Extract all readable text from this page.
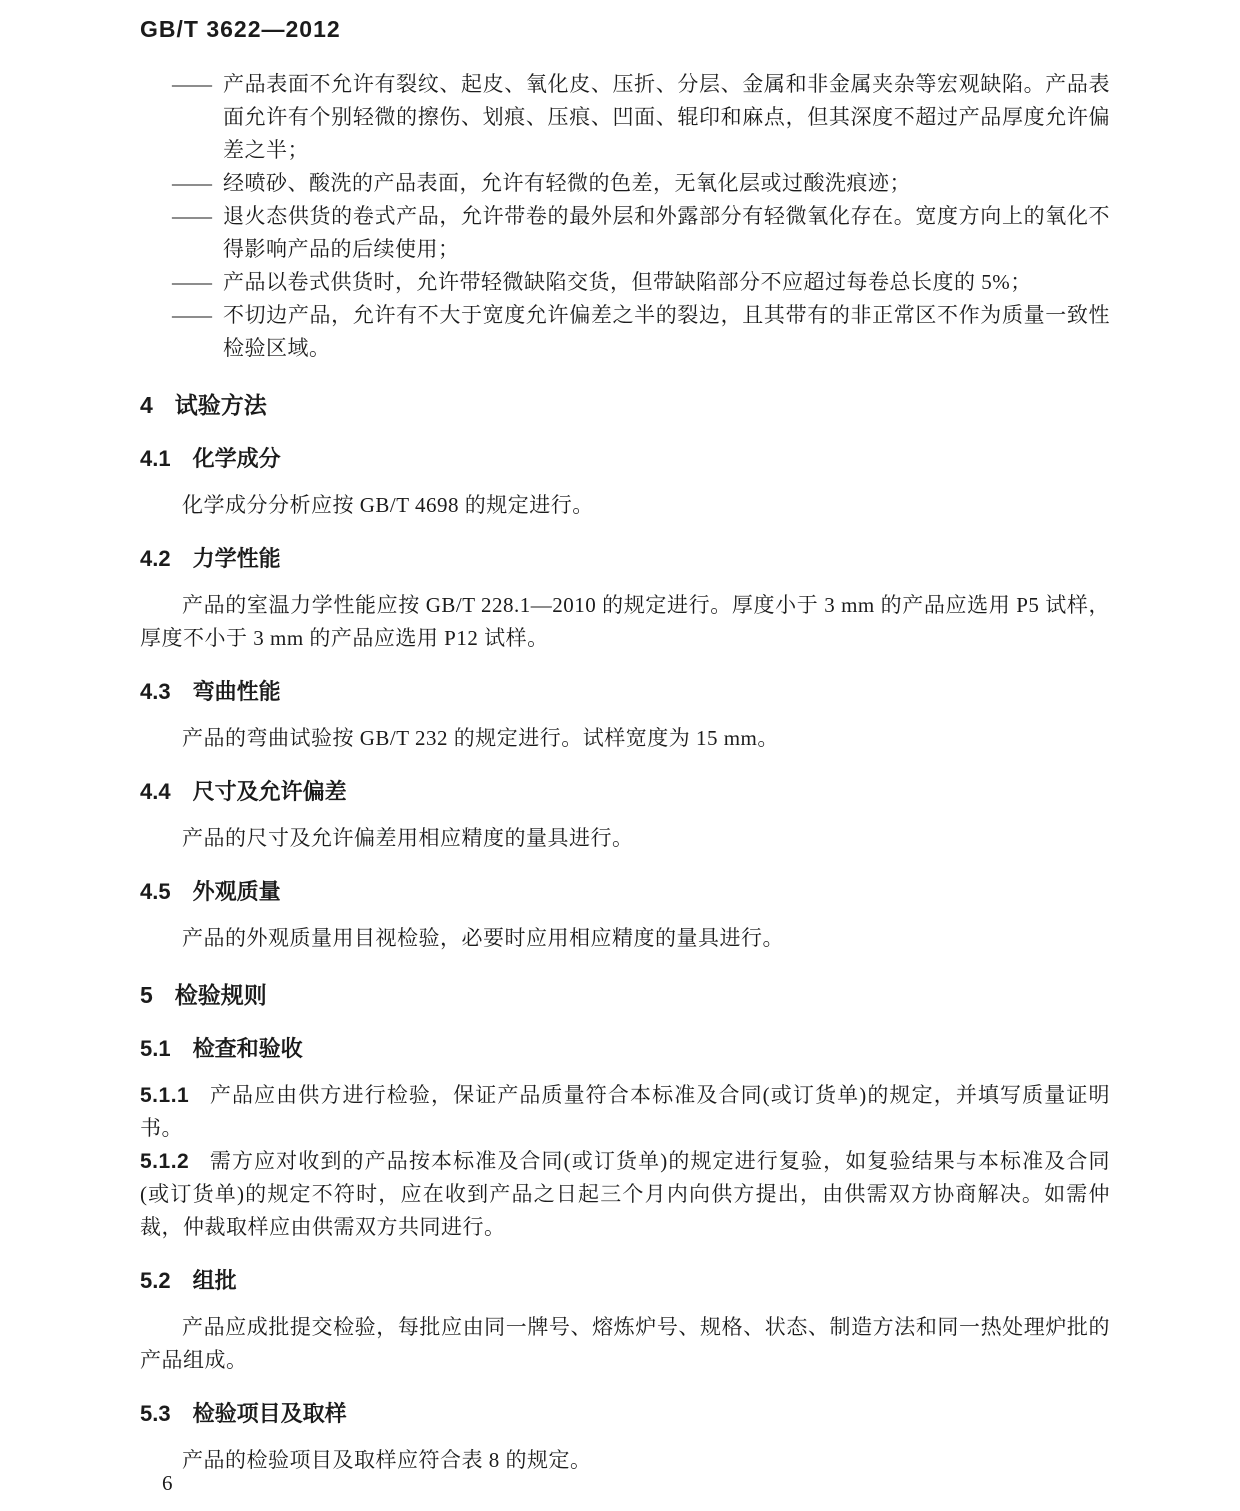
GB/T 3622—2012
—— 产品表面不允许有裂纹、起皮、氧化皮、压折、分层、金属和非金属夹杂等宏观缺陷。产品表面允许有个别轻微的擦伤、划痕、压痕、凹面、辊印和麻点，但其深度不超过产品厚度允许偏差之半；
—— 经喷砂、酸洗的产品表面，允许有轻微的色差，无氧化层或过酸洗痕迹；
—— 退火态供货的卷式产品，允许带卷的最外层和外露部分有轻微氧化存在。宽度方向上的氧化不得影响产品的后续使用；
—— 产品以卷式供货时，允许带轻微缺陷交货，但带缺陷部分不应超过每卷总长度的 5%；
—— 不切边产品，允许有不大于宽度允许偏差之半的裂边，且其带有的非正常区不作为质量一致性检验区域。
4 试验方法
4.1 化学成分

化学成分分析应按 GB/T 4698 的规定进行。

4.2 力学性能

产品的室温力学性能应按 GB/T 228.1—2010 的规定进行。厚度小于 3 mm 的产品应选用 P5 试样，厚度不小于 3 mm 的产品应选用 P12 试样。

4.3 弯曲性能

产品的弯曲试验按 GB/T 232 的规定进行。试样宽度为 15 mm。

4.4 尺寸及允许偏差

产品的尺寸及允许偏差用相应精度的量具进行。

4.5 外观质量

产品的外观质量用目视检验，必要时应用相应精度的量具进行。

5 检验规则
5.1 检查和验收

5.1.1 产品应由供方进行检验，保证产品质量符合本标准及合同(或订货单)的规定，并填写质量证明书。

5.1.2 需方应对收到的产品按本标准及合同(或订货单)的规定进行复验，如复验结果与本标准及合同(或订货单)的规定不符时，应在收到产品之日起三个月内向供方提出，由供需双方协商解决。如需仲裁，仲裁取样应由供需双方共同进行。

5.2 组批

产品应成批提交检验，每批应由同一牌号、熔炼炉号、规格、状态、制造方法和同一热处理炉批的产品组成。

5.3 检验项目及取样

产品的检验项目及取样应符合表 8 的规定。

6
